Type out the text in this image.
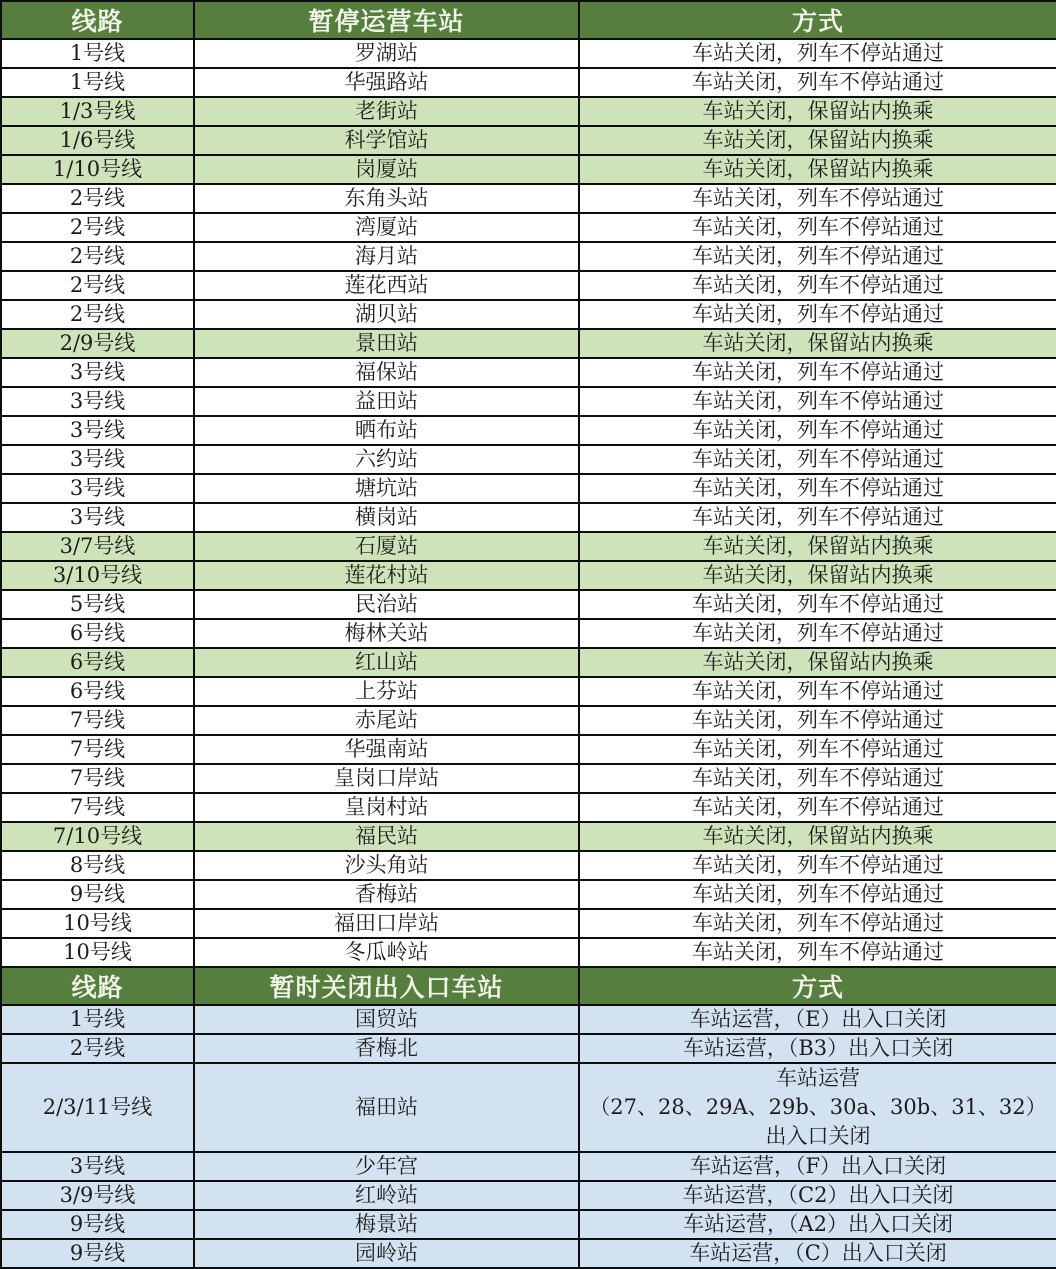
线路	暂停运营车站	方式
1号线	罗湖站	车站关闭，列车不停站通过
1号线	华强路站	车站关闭，列车不停站通过
1/3号线	老街站	车站关闭，保留站内换乘
1/6号线	科学馆站	车站关闭，保留站内换乘
1/10号线	岗厦站	车站关闭，保留站内换乘
2号线	东角头站	车站关闭，列车不停站通过
2号线	湾厦站	车站关闭，列车不停站通过
2号线	海月站	车站关闭，列车不停站通过
2号线	莲花西站	车站关闭，列车不停站通过
2号线	湖贝站	车站关闭，列车不停站通过
2/9号线	景田站	车站关闭，保留站内换乘
3号线	福保站	车站关闭，列车不停站通过
3号线	益田站	车站关闭，列车不停站通过
3号线	晒布站	车站关闭，列车不停站通过
3号线	六约站	车站关闭，列车不停站通过
3号线	塘坑站	车站关闭，列车不停站通过
3号线	横岗站	车站关闭，列车不停站通过
3/7号线	石厦站	车站关闭，保留站内换乘
3/10号线	莲花村站	车站关闭，保留站内换乘
5号线	民治站	车站关闭，列车不停站通过
6号线	梅林关站	车站关闭，列车不停站通过
6号线	红山站	车站关闭，保留站内换乘
6号线	上芬站	车站关闭，列车不停站通过
7号线	赤尾站	车站关闭，列车不停站通过
7号线	华强南站	车站关闭，列车不停站通过
7号线	皇岗口岸站	车站关闭，列车不停站通过
7号线	皇岗村站	车站关闭，列车不停站通过
7/10号线	福民站	车站关闭，保留站内换乘
8号线	沙头角站	车站关闭，列车不停站通过
9号线	香梅站	车站关闭，列车不停站通过
10号线	福田口岸站	车站关闭，列车不停站通过
10号线	冬瓜岭站	车站关闭，列车不停站通过
线路	暂时关闭出入口车站	方式
1号线	国贸站	车站运营，（E）出入口关闭
2号线	香梅北	车站运营，（B3）出入口关闭
2/3/11号线	福田站	车站运营
（27、28、29A、29b、30a、30b、31、32）
出入口关闭

3号线	少年宫	车站运营，（F）出入口关闭
3/9号线	红岭站	车站运营，（C2）出入口关闭
9号线	梅景站	车站运营，（A2）出入口关闭
9号线	园岭站	车站运营，（C）出入口关闭
